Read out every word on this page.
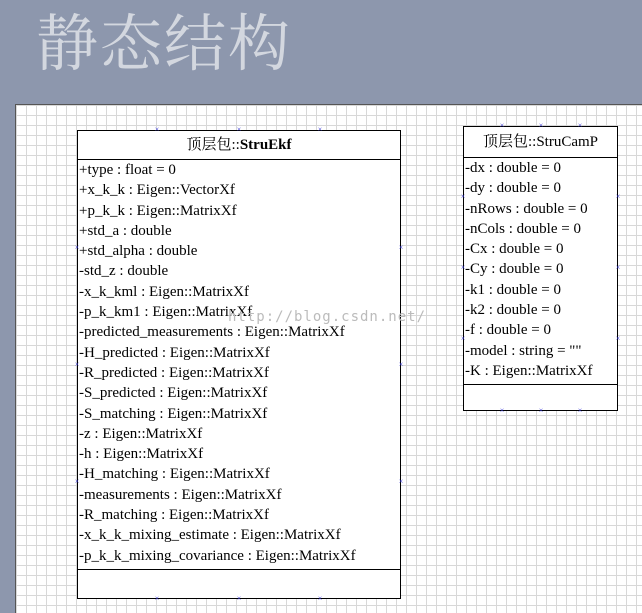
静态结构
顶层包::StruEkf
+type : float = 0
+x_k_k : Eigen::VectorXf
+p_k_k : Eigen::MatrixXf
+std_a : double
+std_alpha : double
-std_z : double
-x_k_kml : Eigen::MatrixXf
-p_k_km1 : Eigen::MatrixXf
-predicted_measurements : Eigen::MatrixXf
-H_predicted : Eigen::MatrixXf
-R_predicted : Eigen::MatrixXf
-S_predicted : Eigen::MatrixXf
-S_matching : Eigen::MatrixXf
-z : Eigen::MatrixXf
-h : Eigen::MatrixXf
-H_matching : Eigen::MatrixXf
-measurements : Eigen::MatrixXf
-R_matching : Eigen::MatrixXf
-x_k_k_mixing_estimate : Eigen::MatrixXf
-p_k_k_mixing_covariance : Eigen::MatrixXf
顶层包::StruCamP
-dx : double = 0
-dy : double = 0
-nRows : double = 0
-nCols : double = 0
-Cx : double = 0
-Cy : double = 0
-k1 : double = 0
-k2 : double = 0
-f : double = 0
-model : string = ""
-K : Eigen::MatrixXf
http://blog.csdn.net/
×	×	×
×
×
×
×
×
×
×	×	×
×	×	×
×
×
×
×
×
×
×	×	×
